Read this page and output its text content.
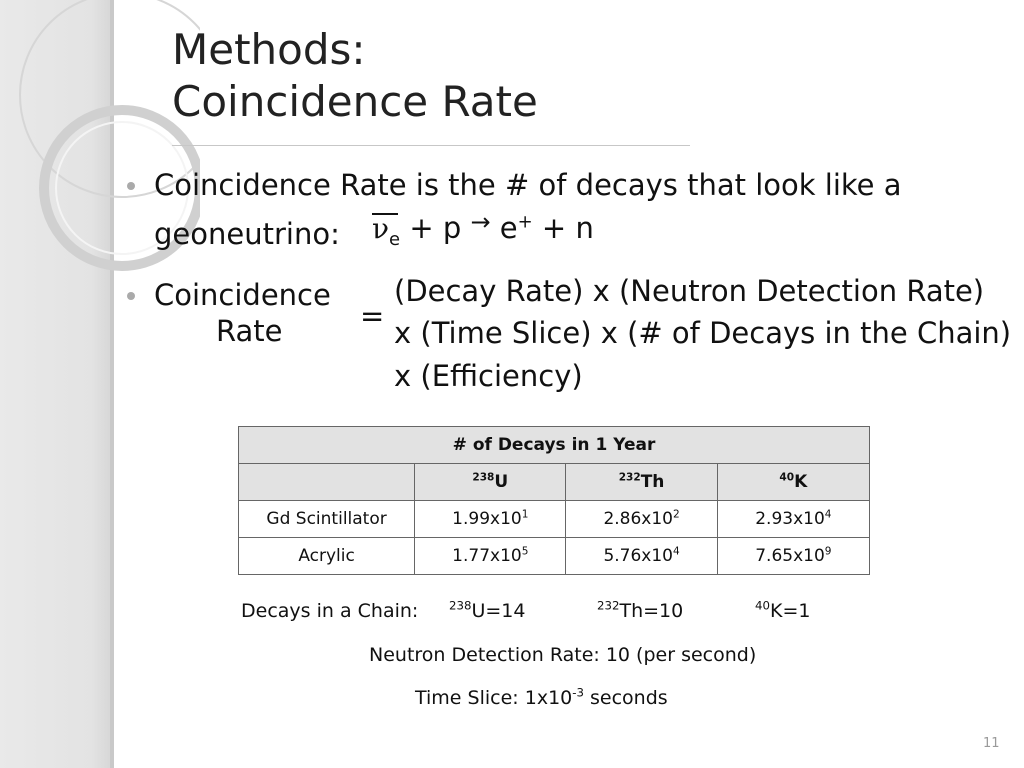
Methods:
Coincidence Rate
Coincidence Rate is the # of decays that look like a
geoneutrino: $\nu_e + p$ → e+ + n
Coincidence
Rate	=
(Decay Rate) x (Neutron Detection Rate)
x (Time Slice) x (# of Decays in the Chain)
x (Efficiency)
# of Decays in 1 Year			
	$^{238}$U	$^{232}$Th	$^{40}$K
Gd Scintillator	$1.99x10^1$	$2.86x10^2$	$2.93x10^4$
Acrylic	$1.77x10^5$	$5.76x10^4$	$7.65x10^9$
Decays in a Chain:	$^{238}$U=14	$^{232}$Th=10	$^{40}$K=1
Neutron Detection Rate: 10 (per second)
Time Slice: $1x10^{-3}$ seconds
11
